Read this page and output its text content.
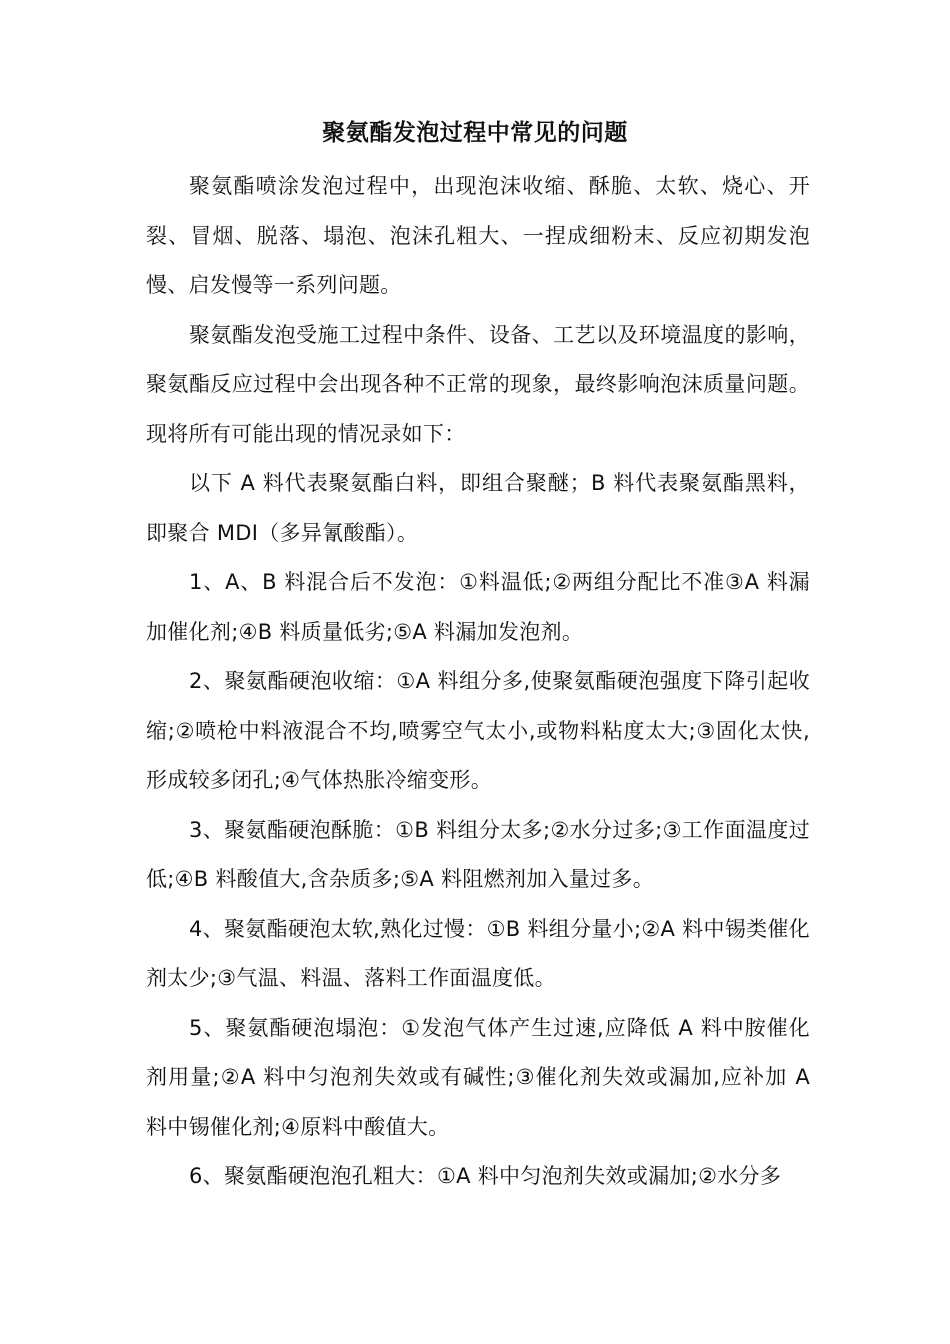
聚氨酯发泡过程中常见的问题

聚氨酯喷涂发泡过程中，出现泡沫收缩、酥脆、太软、烧心、开裂、冒烟、脱落、塌泡、泡沫孔粗大、一捏成细粉末、反应初期发泡慢、启发慢等一系列问题。

聚氨酯发泡受施工过程中条件、设备、工艺以及环境温度的影响，聚氨酯反应过程中会出现各种不正常的现象，最终影响泡沫质量问题。现将所有可能出现的情况录如下：

以下 A 料代表聚氨酯白料，即组合聚醚；B 料代表聚氨酯黑料，即聚合 MDI（多异氰酸酯）。

1、A、B 料混合后不发泡：①料温低;②两组分配比不准③A 料漏加催化剂;④B 料质量低劣;⑤A 料漏加发泡剂。

2、聚氨酯硬泡收缩：①A 料组分多,使聚氨酯硬泡强度下降引起收缩;②喷枪中料液混合不均,喷雾空气太小,或物料粘度太大;③固化太快,形成较多闭孔;④气体热胀冷缩变形。

3、聚氨酯硬泡酥脆：①B 料组分太多;②水分过多;③工作面温度过低;④B 料酸值大,含杂质多;⑤A 料阻燃剂加入量过多。

4、聚氨酯硬泡太软,熟化过慢：①B 料组分量小;②A 料中锡类催化剂太少;③气温、料温、落料工作面温度低。

5、聚氨酯硬泡塌泡：①发泡气体产生过速,应降低 A 料中胺催化剂用量;②A 料中匀泡剂失效或有碱性;③催化剂失效或漏加,应补加 A 料中锡催化剂;④原料中酸值大。

6、聚氨酯硬泡泡孔粗大：①A 料中匀泡剂失效或漏加;②水分多
